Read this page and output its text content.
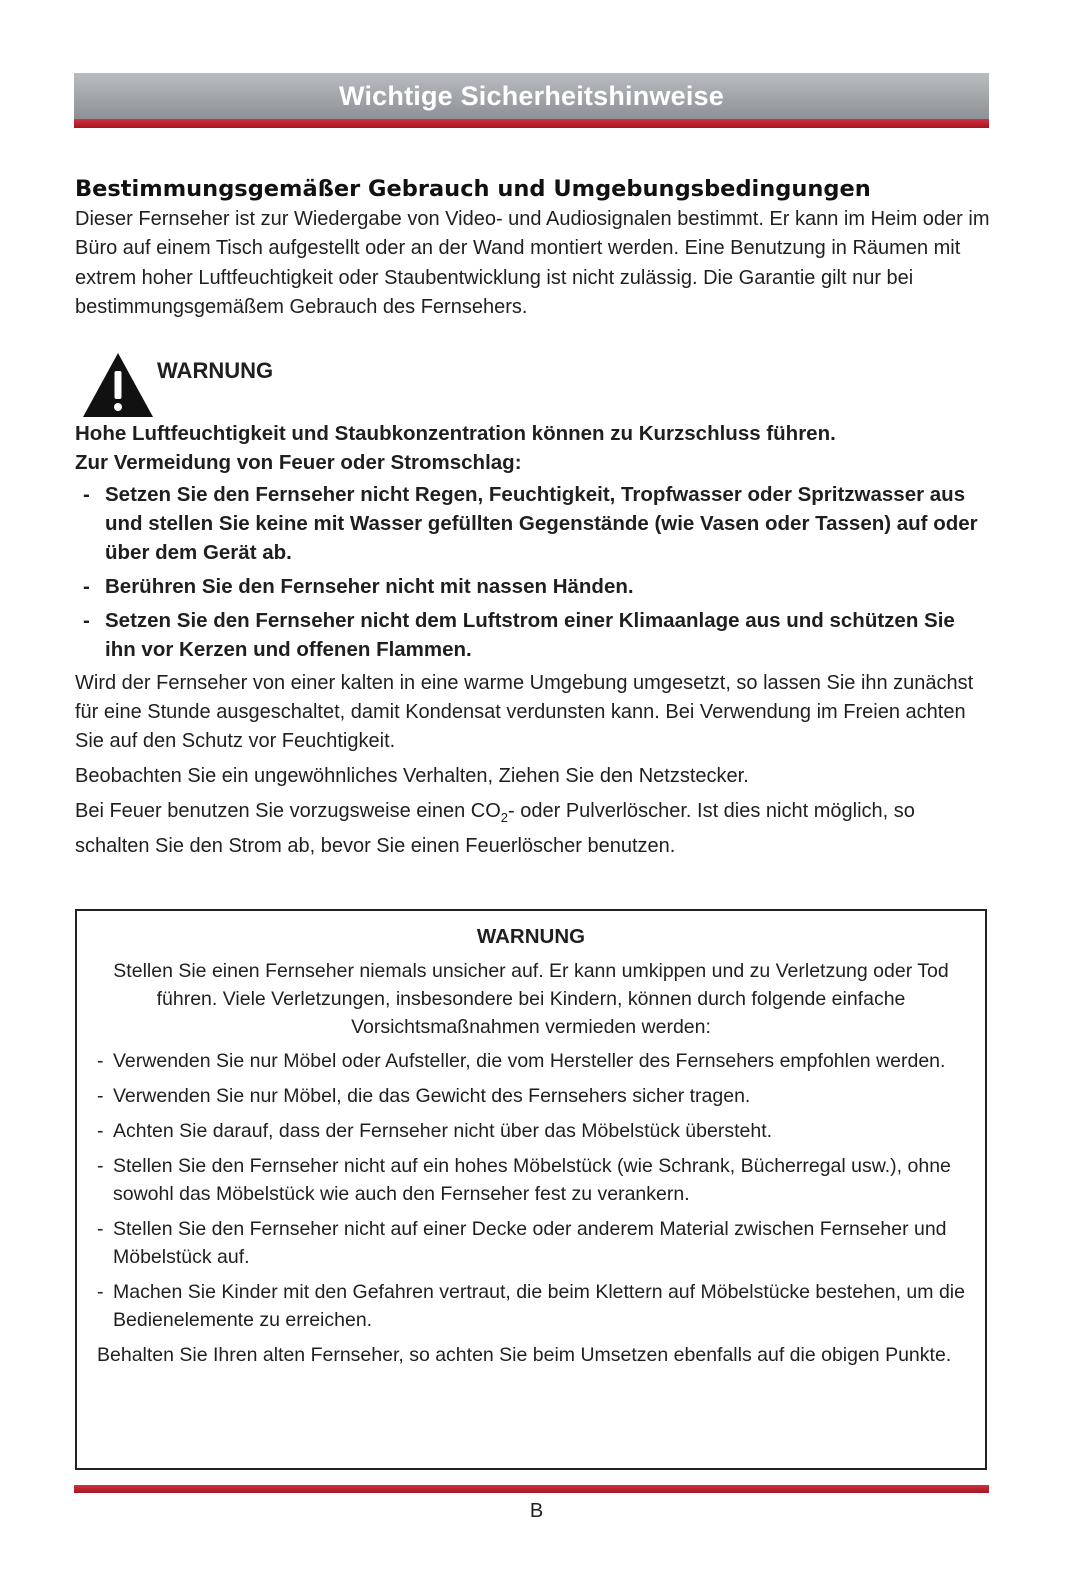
Wichtige Sicherheitshinweise
Bestimmungsgemäßer Gebrauch und Umgebungsbedingungen

Dieser Fernseher ist zur Wiedergabe von Video- und Audiosignalen bestimmt. Er kann im Heim oder im Büro auf einem Tisch aufgestellt oder an der Wand montiert werden. Eine Benutzung in Räumen mit extrem hoher Luftfeuchtigkeit oder Staubentwicklung ist nicht zulässig. Die Garantie gilt nur bei bestimmungsgemäßem Gebrauch des Fernsehers.

WARNUNG

Hohe Luftfeuchtigkeit und Staubkonzentration können zu Kurzschluss führen.

Zur Vermeidung von Feuer oder Stromschlag:

- Setzen Sie den Fernseher nicht Regen, Feuchtigkeit, Tropfwasser oder Spritzwasser aus und stellen Sie keine mit Wasser gefüllten Gegenstände (wie Vasen oder Tassen) auf oder über dem Gerät ab.
- Berühren Sie den Fernseher nicht mit nassen Händen.
- Setzen Sie den Fernseher nicht dem Luftstrom einer Klimaanlage aus und schützen Sie ihn vor Kerzen und offenen Flammen.

Wird der Fernseher von einer kalten in eine warme Umgebung umgesetzt, so lassen Sie ihn zunächst für eine Stunde ausgeschaltet, damit Kondensat verdunsten kann. Bei Verwendung im Freien achten Sie auf den Schutz vor Feuchtigkeit.

Beobachten Sie ein ungewöhnliches Verhalten, Ziehen Sie den Netzstecker.

Bei Feuer benutzen Sie vorzugsweise einen $CO_2-$ oder Pulverlöscher. Ist dies nicht möglich, so schalten Sie den Strom ab, bevor Sie einen Feuerlöscher benutzen.

WARNUNG

Stellen Sie einen Fernseher niemals unsicher auf. Er kann umkippen und zu Verletzung oder Tod führen. Viele Verletzungen, insbesondere bei Kindern, können durch folgende einfache Vorsichtsmaßnahmen vermieden werden:

- Verwenden Sie nur Möbel oder Aufsteller, die vom Hersteller des Fernsehers empfohlen werden.
- Verwenden Sie nur Möbel, die das Gewicht des Fernsehers sicher tragen.
- Achten Sie darauf, dass der Fernseher nicht über das Möbelstück übersteht.
- Stellen Sie den Fernseher nicht auf ein hohes Möbelstück (wie Schrank, Bücherregal usw.), ohne sowohl das Möbelstück wie auch den Fernseher fest zu verankern.
- Stellen Sie den Fernseher nicht auf einer Decke oder anderem Material zwischen Fernseher und Möbelstück auf.
- Machen Sie Kinder mit den Gefahren vertraut, die beim Klettern auf Möbelstücke bestehen, um die Bedienelemente zu erreichen.

Behalten Sie Ihren alten Fernseher, so achten Sie beim Umsetzen ebenfalls auf die obigen Punkte.

B
